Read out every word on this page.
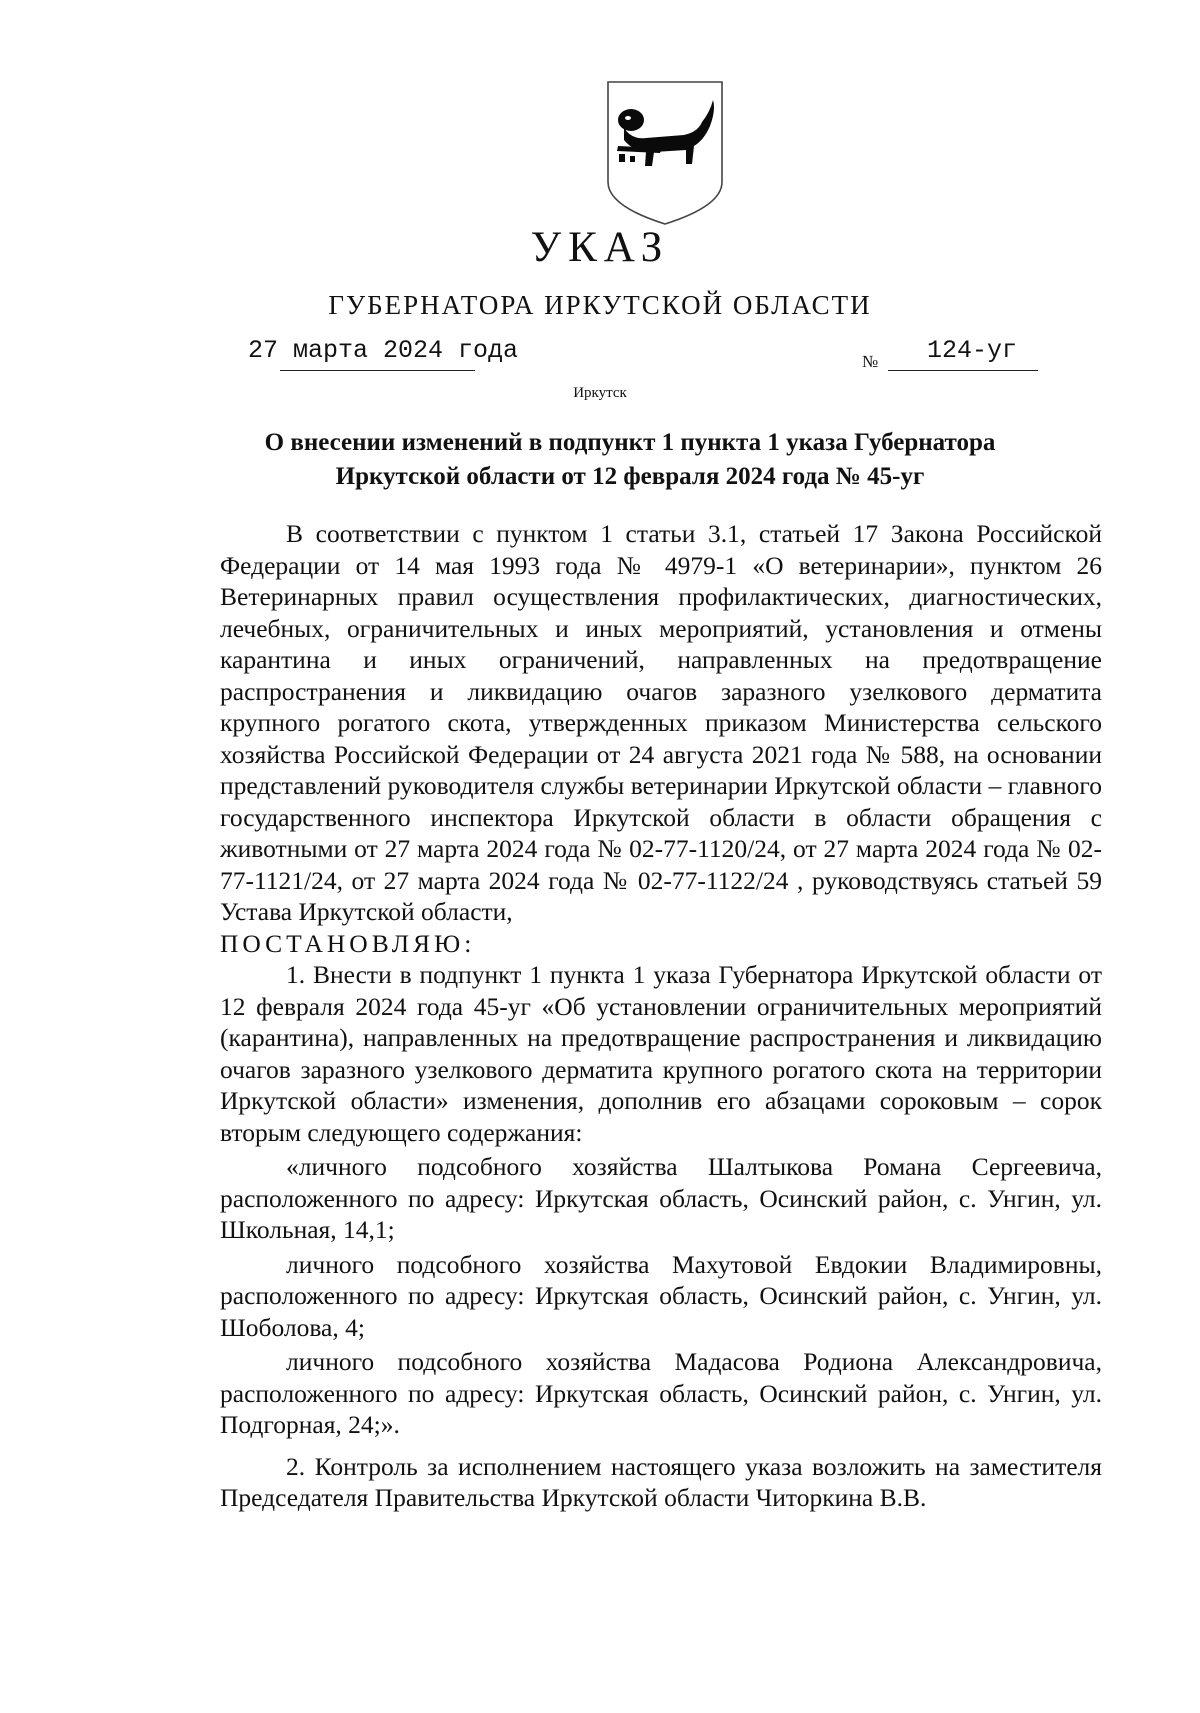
УКАЗ
ГУБЕРНАТОРА ИРКУТСКОЙ ОБЛАСТИ
27 марта 2024 года	№ 124-уг
Иркутск
О внесении изменений в подпункт 1 пункта 1 указа Губернатора
Иркутской области от 12 февраля 2024 года № 45-уг

В соответствии с пунктом 1 статьи 3.1, статьей 17 Закона Российской Федерации от 14 мая 1993 года № 4979-1 «О ветеринарии», пунктом 26 Ветеринарных правил осуществления профилактических, диагностических, лечебных, ограничительных и иных мероприятий, установления и отмены карантина и иных ограничений, направленных на предотвращение распространения и ликвидацию очагов заразного узелкового дерматита крупного рогатого скота, утвержденных приказом Министерства сельского хозяйства Российской Федерации от 24 августа 2021 года № 588, на основании представлений руководителя службы ветеринарии Иркутской области – главного государственного инспектора Иркутской области в области обращения с животными от 27 марта 2024 года № 02-77-1120/24, от 27 марта 2024 года № 02-77-1121/24, от 27 марта 2024 года № 02-77-1122/24 , руководствуясь статьей 59 Устава Иркутской области,

ПОСТАНОВЛЯЮ:

1. Внести в подпункт 1 пункта 1 указа Губернатора Иркутской области от 12 февраля 2024 года 45-уг «Об установлении ограничительных мероприятий (карантина), направленных на предотвращение распространения и ликвидацию очагов заразного узелкового дерматита крупного рогатого скота на территории Иркутской области» изменения, дополнив его абзацами сороковым – сорок вторым следующего содержания:

«личного подсобного хозяйства Шалтыкова Романа Сергеевича, расположенного по адресу: Иркутская область, Осинский район, с. Унгин, ул. Школьная, 14,1;

личного подсобного хозяйства Махутовой Евдокии Владимировны, расположенного по адресу: Иркутская область, Осинский район, с. Унгин, ул. Шоболова, 4;

личного подсобного хозяйства Мадасова Родиона Александровича, расположенного по адресу: Иркутская область, Осинский район, с. Унгин, ул. Подгорная, 24;».

2. Контроль за исполнением настоящего указа возложить на заместителя Председателя Правительства Иркутской области Читоркина В.В.
